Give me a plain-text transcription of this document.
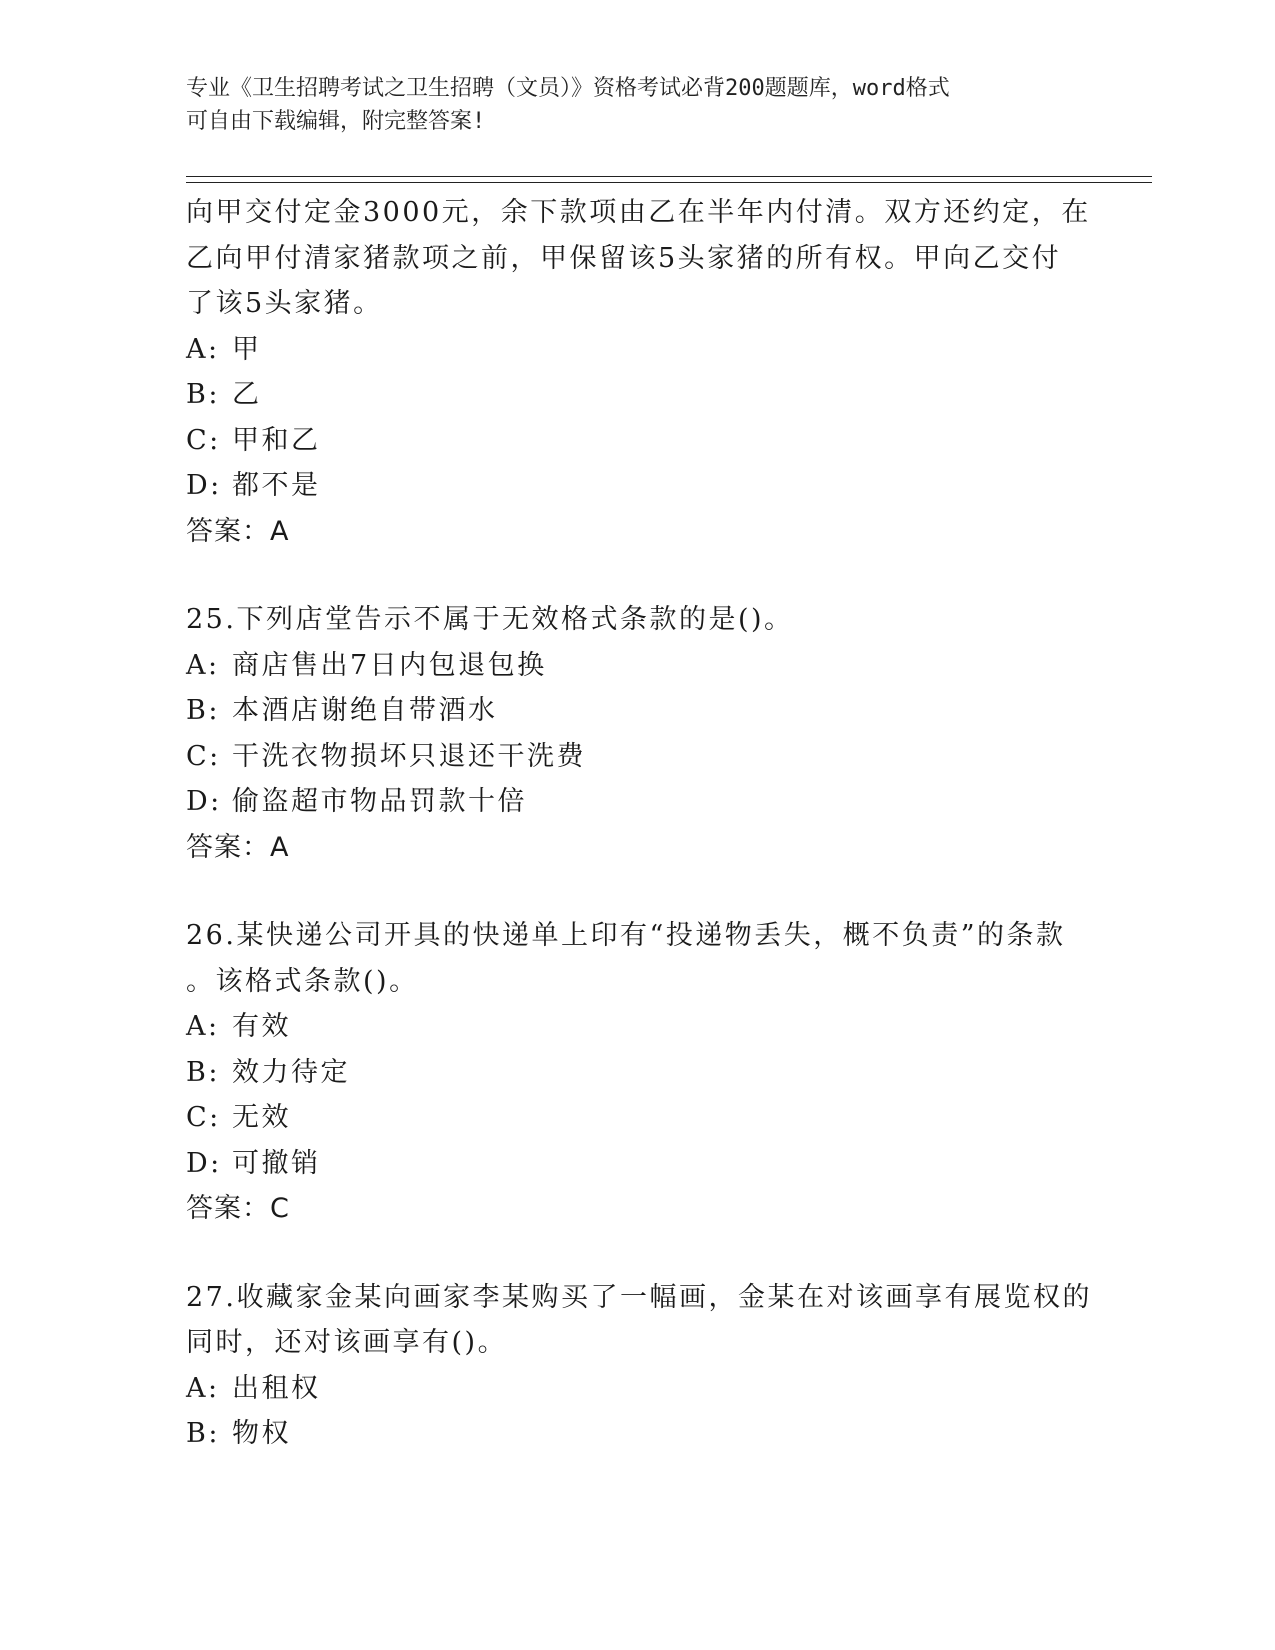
专业《卫生招聘考试之卫生招聘（文员）》资格考试必背200题题库，word格式
可自由下载编辑，附完整答案!
向甲交付定金3000元，余下款项由乙在半年内付清。双方还约定，在
乙向甲付清家猪款项之前，甲保留该5头家猪的所有权。甲向乙交付
了该5头家猪。
A: 甲
B: 乙
C: 甲和乙
D: 都不是
答案：A
25.下列店堂告示不属于无效格式条款的是()。
A: 商店售出7日内包退包换
B: 本酒店谢绝自带酒水
C: 干洗衣物损坏只退还干洗费
D: 偷盗超市物品罚款十倍
答案：A
26.某快递公司开具的快递单上印有“投递物丢失，概不负责”的条款
。该格式条款()。
A: 有效
B: 效力待定
C: 无效
D: 可撤销
答案：C
27.收藏家金某向画家李某购买了一幅画，金某在对该画享有展览权的
同时，还对该画享有()。
A: 出租权
B: 物权
